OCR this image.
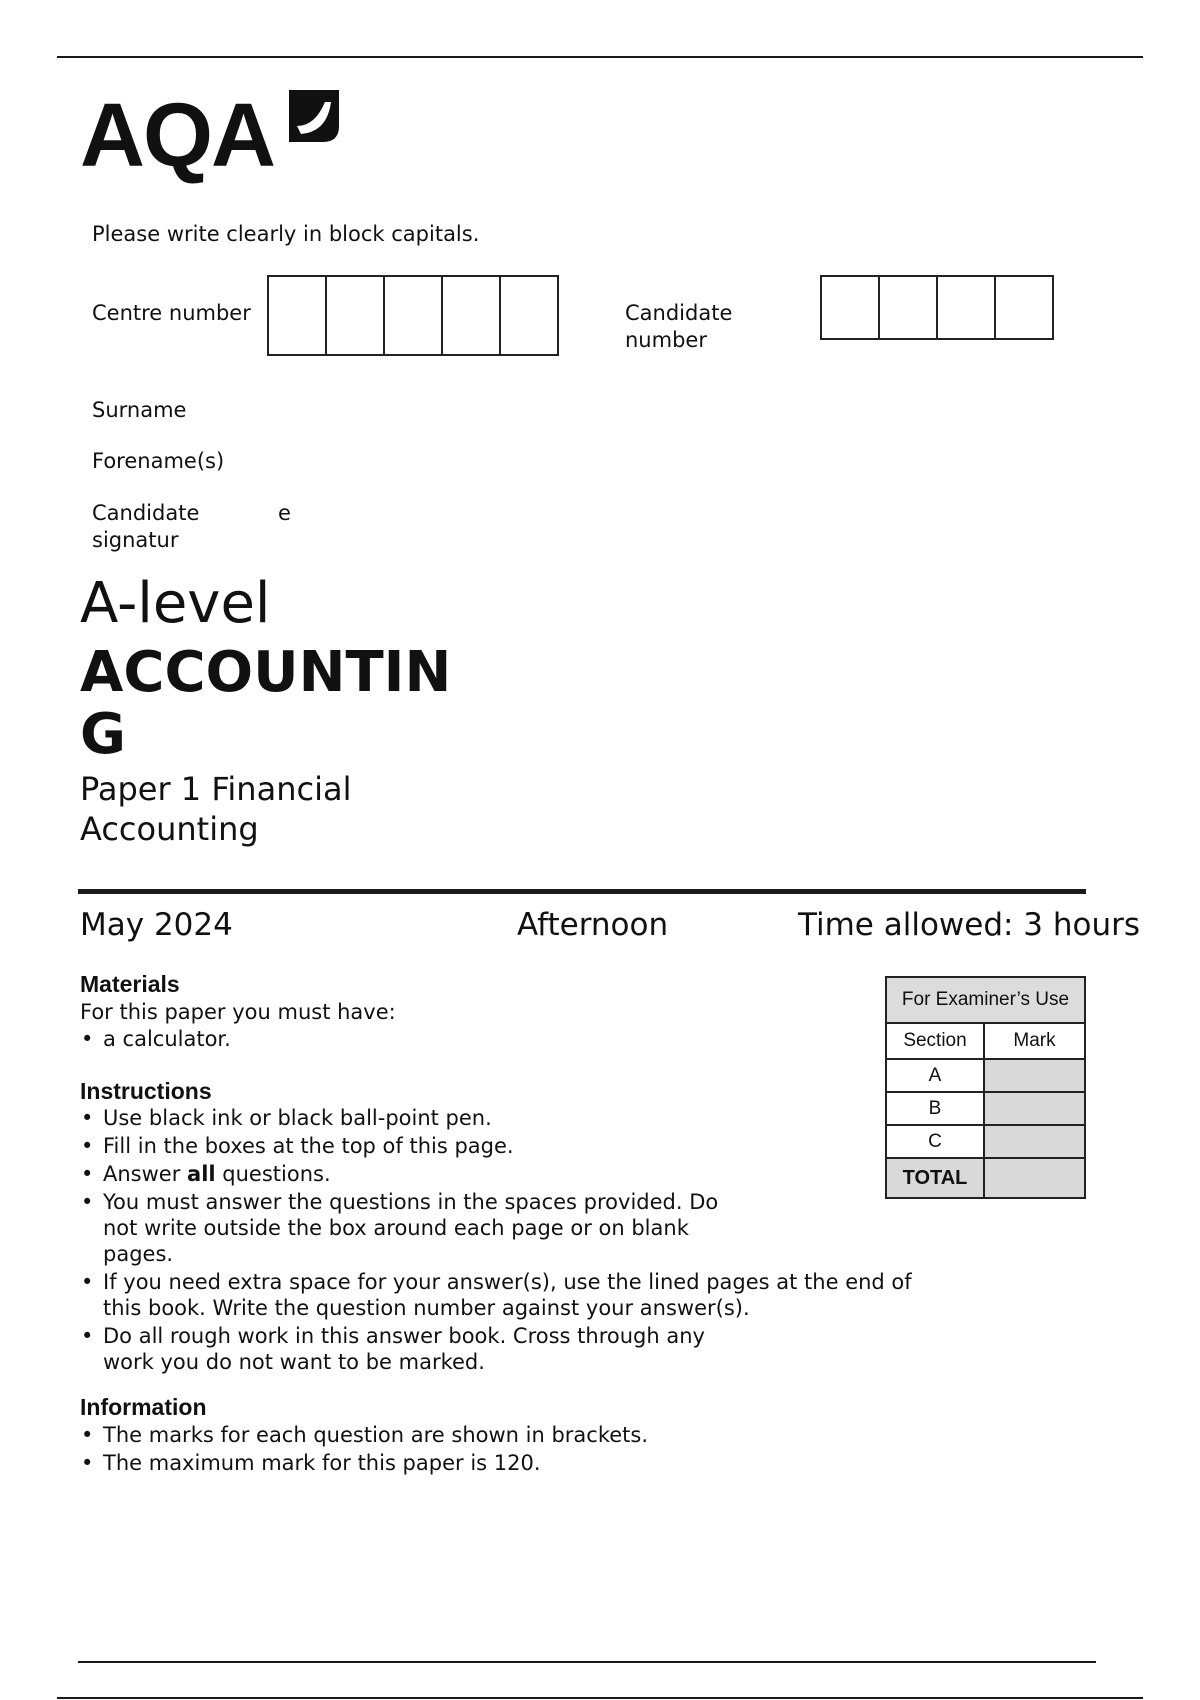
AQA
Please write clearly in block capitals.
Centre number	Candidate number
Surname
Forename(s)
Candidate signatur
e
A-level
ACCOUNTING
Paper 1 Financial Accounting
May 2024	Afternoon	Time allowed: 3 hours
Materials
For this paper you must have:
• a calculator.
Instructions
• Use black ink or black ball-point pen.
• Fill in the boxes at the top of this page.
• Answer all questions.
• You must answer the questions in the spaces provided. Do not write outside the box around each page or on blank pages.
• If you need extra space for your answer(s), use the lined pages at the end of this book. Write the question number against your answer(s).
• Do all rough work in this answer book. Cross through any work you do not want to be marked.
Information
• The marks for each question are shown in brackets.
• The maximum mark for this paper is 120.
For Examiner’s Use	
Section	Mark
A	
B	
C	
TOTAL	
